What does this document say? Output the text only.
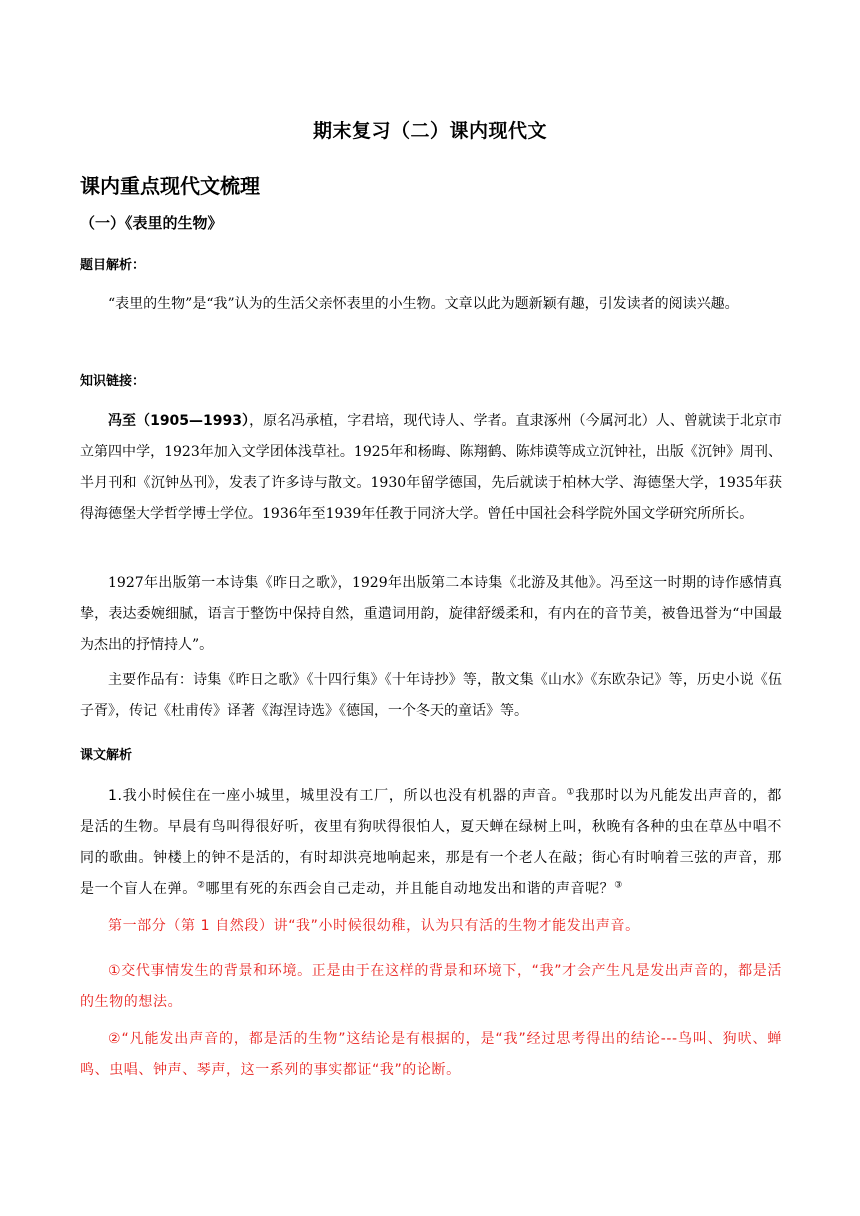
期末复习（二）课内现代文
课内重点现代文梳理
（一）《表里的生物》
题目解析：

“表里的生物”是“我”认为的生活父亲怀表里的小生物。文章以此为题新颖有趣，引发读者的阅读兴趣。

知识链接：

冯至（1905—1993），原名冯承植，字君培，现代诗人、学者。直隶涿州（今属河北）人、曾就读于北京市立第四中学，1923年加入文学团体浅草社。1925年和杨晦、陈翔鹤、陈炜谟等成立沉钟社，出版《沉钟》周刊、半月刊和《沉钟丛刊》，发表了许多诗与散文。1930年留学德国，先后就读于柏林大学、海德堡大学，1935年获得海德堡大学哲学博士学位。1936年至1939年任教于同济大学。曾任中国社会科学院外国文学研究所所长。

1927年出版第一本诗集《昨日之歌》，1929年出版第二本诗集《北游及其他》。冯至这一时期的诗作感情真挚，表达委婉细腻，语言于整饬中保持自然，重遣词用韵，旋律舒缓柔和，有内在的音节美，被鲁迅誉为“中国最为杰出的抒情持人”。

主要作品有：诗集《昨日之歌》《十四行集》《十年诗抄》等，散文集《山水》《东欧杂记》等，历史小说《伍子胥》，传记《杜甫传》译著《海涅诗选》《德国，一个冬天的童话》等。

课文解析

1.我小时候住在一座小城里，城里没有工厂，所以也没有机器的声音。①我那时以为凡能发出声音的，都是活的生物。早晨有鸟叫得很好听，夜里有狗吠得很怕人，夏天蝉在绿树上叫，秋晚有各种的虫在草丛中唱不同的歌曲。钟楼上的钟不是活的，有时却洪亮地响起来，那是有一个老人在敲；街心有时响着三弦的声音，那是一个盲人在弹。②哪里有死的东西会自己走动，并且能自动地发出和谐的声音呢？③

第一部分（第 1 自然段）讲“我”小时候很幼稚，认为只有活的生物才能发出声音。

①交代事情发生的背景和环境。正是由于在这样的背景和环境下，“我”才会产生凡是发出声音的，都是活的生物的想法。

②“凡能发出声音的，都是活的生物”这结论是有根据的，是“我”经过思考得出的结论---鸟叫、狗吠、蝉鸣、虫唱、钟声、琴声，这一系列的事实都证“我”的论断。
